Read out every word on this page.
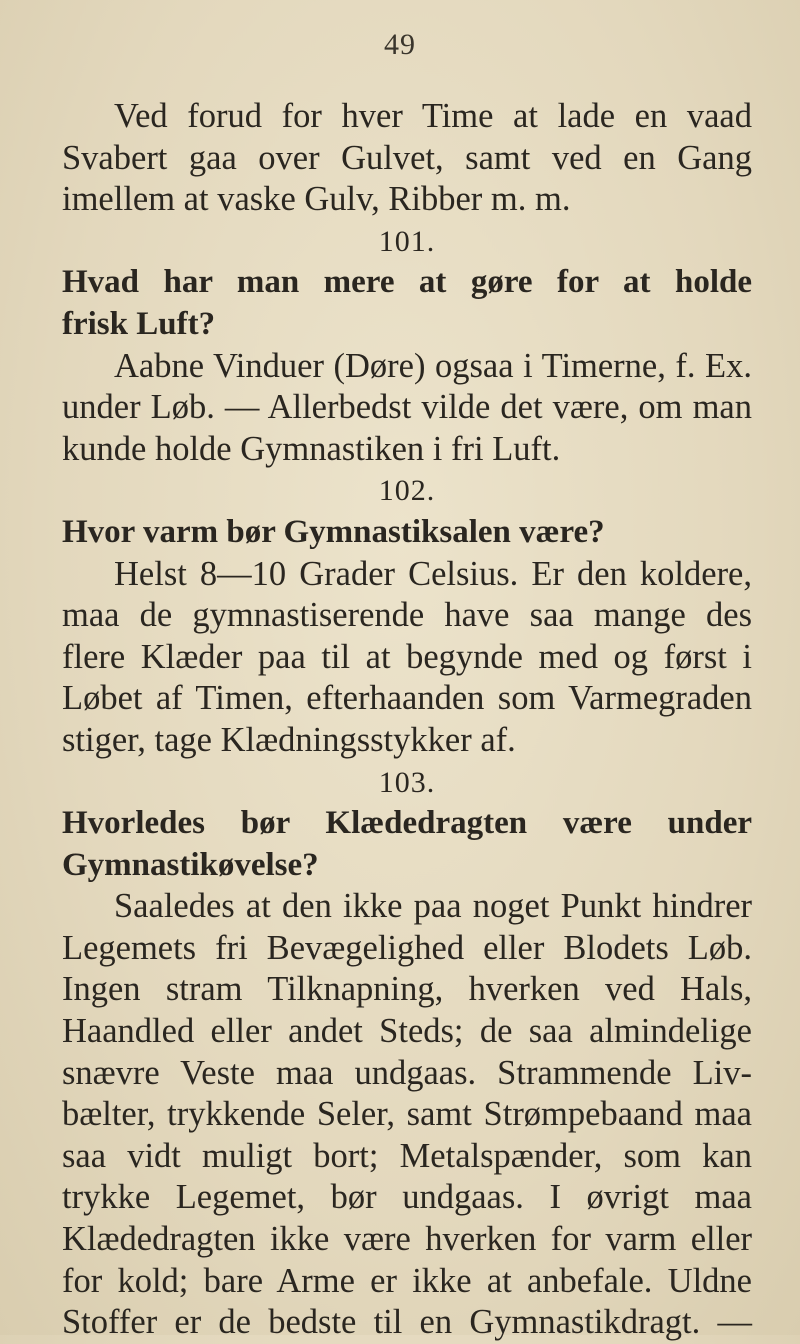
49
Ved forud for hver Time at lade en vaad
Svabert gaa over Gulvet, samt ved en Gang
imellem at vaske Gulv, Ribber m. m.
101.
Hvad har man mere at gøre for at holde
frisk Luft?
Aabne Vinduer (Døre) ogsaa i Timerne, f. Ex.
under Løb. — Allerbedst vilde det være, om man
kunde holde Gymnastiken i fri Luft.
102.
Hvor varm bør Gymnastiksalen være?
Helst 8—10 Grader Celsius. Er den koldere,
maa de gymnastiserende have saa mange des
flere Klæder paa til at begynde med og først i
Løbet af Timen, efterhaanden som Varmegraden
stiger, tage Klædningsstykker af.
103.
Hvorledes bør Klædedragten være under
Gymnastikøvelse?
Saaledes at den ikke paa noget Punkt hindrer
Legemets fri Bevægelighed eller Blodets Løb.
Ingen stram Tilknapning, hverken ved Hals,
Haandled eller andet Steds; de saa almindelige
snævre Veste maa undgaas. Strammende Liv-
bælter, trykkende Seler, samt Strømpebaand maa
saa vidt muligt bort; Metalspænder, som kan
trykke Legemet, bør undgaas. I øvrigt maa
Klædedragten ikke være hverken for varm eller
for kold; bare Arme er ikke at anbefale. Uldne
Stoffer er de bedste til en Gymnastikdragt. —
